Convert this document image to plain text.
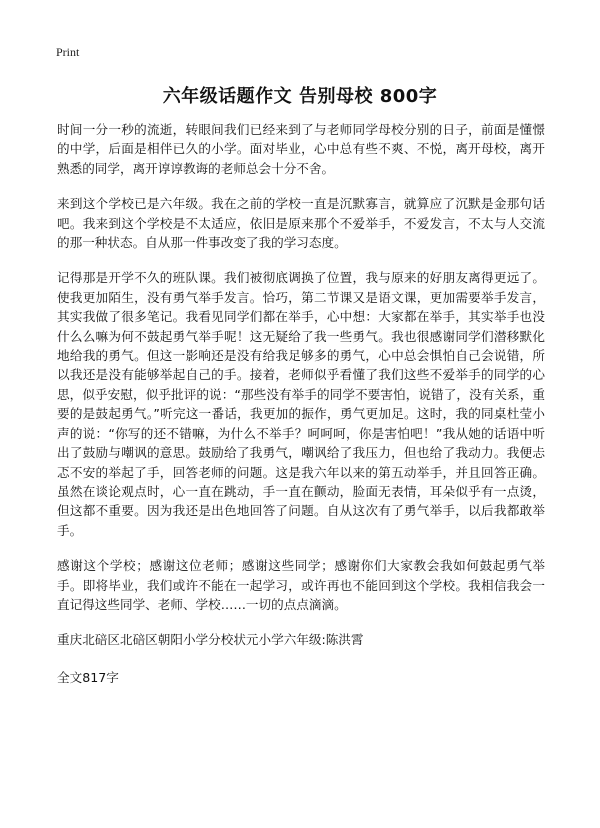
Print
六年级话题作文 告别母校 800字

时间一分一秒的流逝，转眼间我们已经来到了与老师同学母校分别的日子，前面是懂憬的中学，后面是相伴已久的小学。面对毕业，心中总有些不爽、不悦，离开母校，离开熟悉的同学，离开谆谆教诲的老师总会十分不舍。

来到这个学校已是六年级。我在之前的学校一直是沉默寡言，就算应了沉默是金那句话吧。我来到这个学校是不太适应，依旧是原来那个不爱举手，不爱发言，不太与人交流的那一种状态。自从那一件事改变了我的学习态度。

记得那是开学不久的班队课。我们被彻底调换了位置，我与原来的好朋友离得更远了。使我更加陌生，没有勇气举手发言。恰巧，第二节课又是语文课，更加需要举手发言，其实我做了很多笔记。我看见同学们都在举手，心中想：大家都在举手，其实举手也没什么么嘛为何不鼓起勇气举手呢！这无疑给了我一些勇气。我也很感谢同学们潜移默化地给我的勇气。但这一影响还是没有给我足够多的勇气，心中总会惧怕自己会说错，所以我还是没有能够举起自己的手。接着，老师似乎看懂了我们这些不爱举手的同学的心思，似乎安慰，似乎批评的说：“那些没有举手的同学不要害怕，说错了，没有关系，重要的是鼓起勇气。”听完这一番话，我更加的振作，勇气更加足。这时，我的同桌杜莹小声的说：“你写的还不错嘛，为什么不举手？呵呵呵，你是害怕吧！”我从她的话语中听出了鼓励与嘲讽的意思。鼓励给了我勇气，嘲讽给了我压力，但也给了我动力。我便忐忑不安的举起了手，回答老师的问题。这是我六年以来的第五动举手，并且回答正确。虽然在谈论观点时，心一直在跳动，手一直在颤动，脸面无表情，耳朵似乎有一点烫，但这都不重要。因为我还是出色地回答了问题。自从这次有了勇气举手，以后我都敢举手。

感谢这个学校；感谢这位老师；感谢这些同学；感谢你们大家教会我如何鼓起勇气举手。即将毕业，我们或许不能在一起学习，或许再也不能回到这个学校。我相信我会一直记得这些同学、老师、学校……一切的点点滴滴。

重庆北碚区北碚区朝阳小学分校状元小学六年级:陈洪霄

全文817字
